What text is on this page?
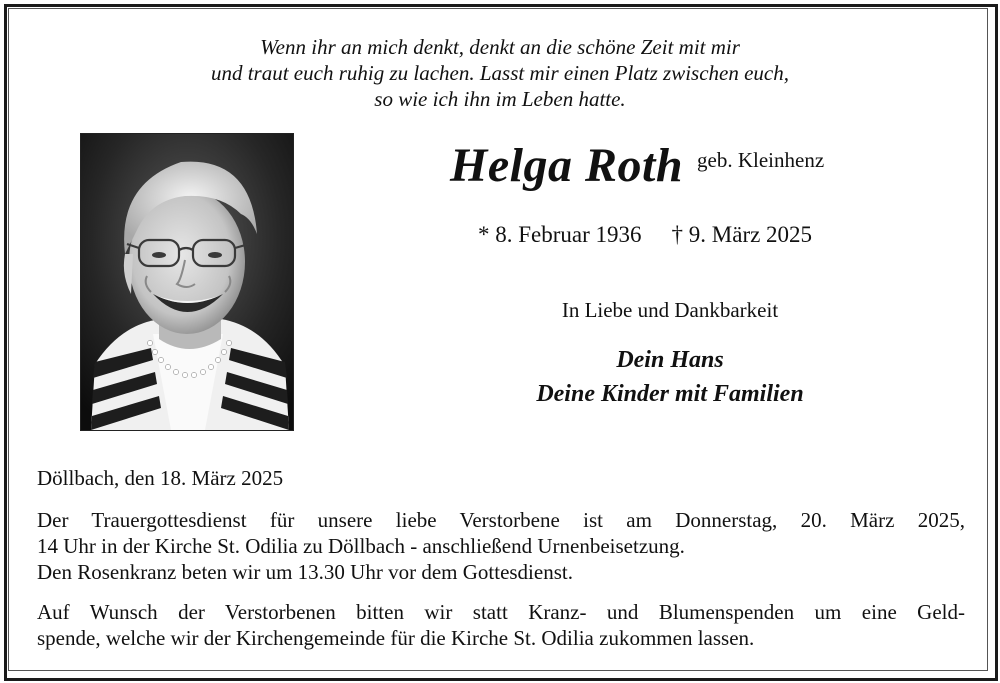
Wenn ihr an mich denkt, denkt an die schöne Zeit mit mir
und traut euch ruhig zu lachen. Lasst mir einen Platz zwischen euch,
so wie ich ihn im Leben hatte.
Helga Roth geb. Kleinhenz
* 8. Februar 1936 † 9. März 2025
In Liebe und Dankbarkeit
Dein Hans
Deine Kinder mit Familien
Döllbach, den 18. März 2025
Der Trauergottesdienst für unsere liebe Verstorbene ist am Donnerstag, 20. März 2025,
14 Uhr in der Kirche St. Odilia zu Döllbach - anschließend Urnenbeisetzung.
Den Rosenkranz beten wir um 13.30 Uhr vor dem Gottesdienst.
Auf Wunsch der Verstorbenen bitten wir statt Kranz- und Blumenspenden um eine Geld-
spende, welche wir der Kirchengemeinde für die Kirche St. Odilia zukommen lassen.
